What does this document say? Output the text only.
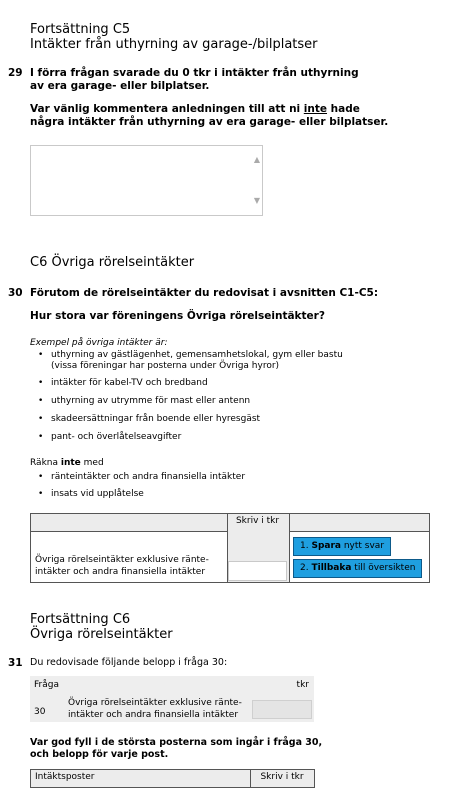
Fortsättning C5
Intäkter från uthyrning av garage-/bilplatser
29 I förra frågan svarade du 0 tkr i intäkter från uthyrning
av era garage- eller bilplatser.
Var vänlig kommentera anledningen till att ni inte hade
några intäkter från uthyrning av era garage- eller bilplatser.
▲
▼
C6 Övriga rörelseintäkter
30 Förutom de rörelseintäkter du redovisat i avsnitten C1-C5:
Hur stora var föreningens Övriga rörelseintäkter?
Exempel på övriga intäkter är:
• uthyrning av gästlägenhet, gemensamhetslokal, gym eller bastu
(vissa föreningar har posterna under Övriga hyror)
• intäkter för kabel-TV och bredband
• uthyrning av utrymme för mast eller antenn
• skadeersättningar från boende eller hyresgäst
• pant- och överlåtelseavgifter
Räkna inte med
• ränteintäkter och andra finansiella intäkter
• insats vid upplåtelse
Skriv i tkr
Övriga rörelseintäkter exklusive ränte-
intäkter och andra finansiella intäkter
1. Spara nytt svar
2. Tillbaka till översikten
Fortsättning C6
Övriga rörelseintäkter
31 Du redovisade följande belopp i fråga 30:
Fråga	tkr
30
Övriga rörelseintäkter exklusive ränte-
intäkter och andra finansiella intäkter
Var god fyll i de största posterna som ingår i fråga 30,
och belopp för varje post.
Intäktsposter	Skriv i tkr
